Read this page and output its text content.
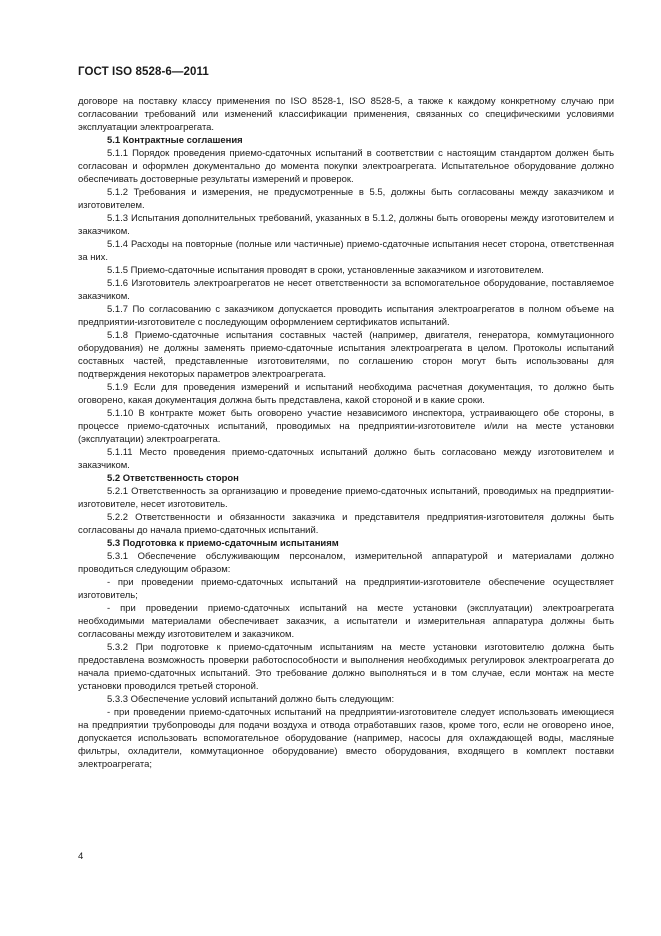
ГОСТ ISO 8528-6—2011

договоре на поставку классу применения по ISO 8528-1, ISO 8528-5, а также к каждому конкретному случаю при согласовании требований или изменений классификации применения, связанных со специфическими условиями эксплуатации электроагрегата.

5.1 Контрактные соглашения

5.1.1 Порядок проведения приемо-сдаточных испытаний в соответствии с настоящим стандартом должен быть согласован и оформлен документально до момента покупки электроагрегата. Испытательное оборудование должно обеспечивать достоверные результаты измерений и проверок.

5.1.2 Требования и измерения, не предусмотренные в 5.5, должны быть согласованы между заказчиком и изготовителем.

5.1.3 Испытания дополнительных требований, указанных в 5.1.2, должны быть оговорены между изготовителем и заказчиком.

5.1.4 Расходы на повторные (полные или частичные) приемо-сдаточные испытания несет сторона, ответственная за них.

5.1.5 Приемо-сдаточные испытания проводят в сроки, установленные заказчиком и изготовителем.

5.1.6 Изготовитель электроагрегатов не несет ответственности за вспомогательное оборудование, поставляемое заказчиком.

5.1.7 По согласованию с заказчиком допускается проводить испытания электроагрегатов в полном объеме на предприятии-изготовителе с последующим оформлением сертификатов испытаний.

5.1.8 Приемо-сдаточные испытания составных частей (например, двигателя, генератора, коммутационного оборудования) не должны заменять приемо-сдаточные испытания электроагрегата в целом. Протоколы испытаний составных частей, представленные изготовителями, по соглашению сторон могут быть использованы для подтверждения некоторых параметров электроагрегата.

5.1.9 Если для проведения измерений и испытаний необходима расчетная документация, то должно быть оговорено, какая документация должна быть представлена, какой стороной и в какие сроки.

5.1.10 В контракте может быть оговорено участие независимого инспектора, устраивающего обе стороны, в процессе приемо-сдаточных испытаний, проводимых на предприятии-изготовителе и/или на месте установки (эксплуатации) электроагрегата.

5.1.11 Место проведения приемо-сдаточных испытаний должно быть согласовано между изготовителем и заказчиком.

5.2 Ответственность сторон

5.2.1 Ответственность за организацию и проведение приемо-сдаточных испытаний, проводимых на предприятии-изготовителе, несет изготовитель.

5.2.2 Ответственности и обязанности заказчика и представителя предприятия-изготовителя должны быть согласованы до начала приемо-сдаточных испытаний.

5.3 Подготовка к приемо-сдаточным испытаниям

5.3.1 Обеспечение обслуживающим персоналом, измерительной аппаратурой и материалами должно проводиться следующим образом:

- при проведении приемо-сдаточных испытаний на предприятии-изготовителе обеспечение осуществляет изготовитель;

- при проведении приемо-сдаточных испытаний на месте установки (эксплуатации) электроагрегата необходимыми материалами обеспечивает заказчик, а испытатели и измерительная аппаратура должны быть согласованы между изготовителем и заказчиком.

5.3.2 При подготовке к приемо-сдаточным испытаниям на месте установки изготовителю должна быть предоставлена возможность проверки работоспособности и выполнения необходимых регулировок электроагрегата до начала приемо-сдаточных испытаний. Это требование должно выполняться и в том случае, если монтаж на месте установки проводился третьей стороной.

5.3.3 Обеспечение условий испытаний должно быть следующим:

- при проведении приемо-сдаточных испытаний на предприятии-изготовителе следует использовать имеющиеся на предприятии трубопроводы для подачи воздуха и отвода отработавших газов, кроме того, если не оговорено иное, допускается использовать вспомогательное оборудование (например, насосы для охлаждающей воды, масляные фильтры, охладители, коммутационное оборудование) вместо оборудования, входящего в комплект поставки электроагрегата;

4
